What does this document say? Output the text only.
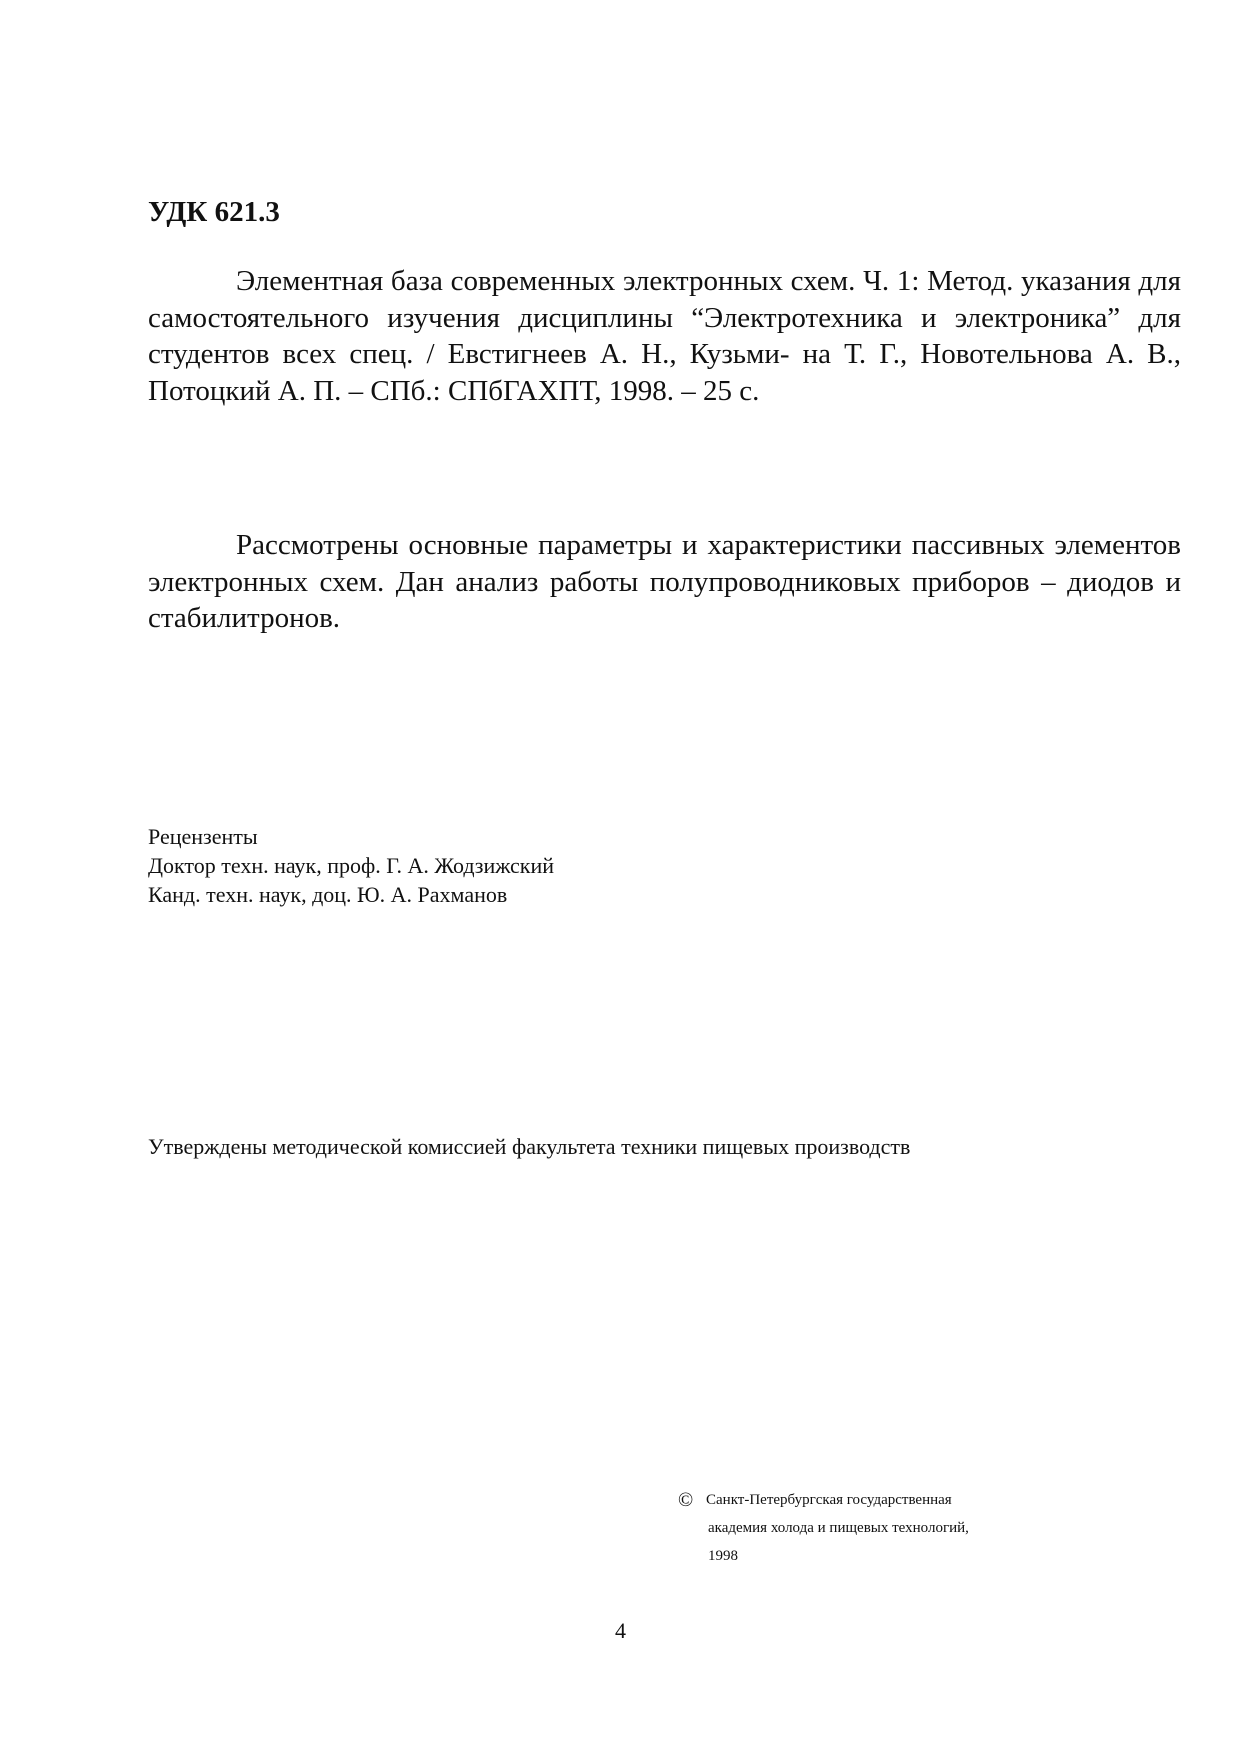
УДК 621.3

Элементная база современных электронных схем. Ч. 1: Метод. указания для самостоятельного изучения дисциплины “Электротехника и электроника” для студентов всех спец. / Евстигнеев А. Н., Кузьми- на Т. Г., Новотельнова А. В., Потоцкий А. П. – СПб.: СПбГАХПТ, 1998. – 25 с.

Рассмотрены основные параметры и характеристики пассивных элементов электронных схем. Дан анализ работы полупроводниковых приборов – диодов и стабилитронов.

Рецензенты
Доктор техн. наук, проф. Г. А. Жодзижский
Канд. техн. наук, доц. Ю. А. Рахманов
Утверждены методической комиссией факультета техники пищевых производств
© Санкт-Петербургская государственная
академия холода и пищевых технологий,
1998
4
